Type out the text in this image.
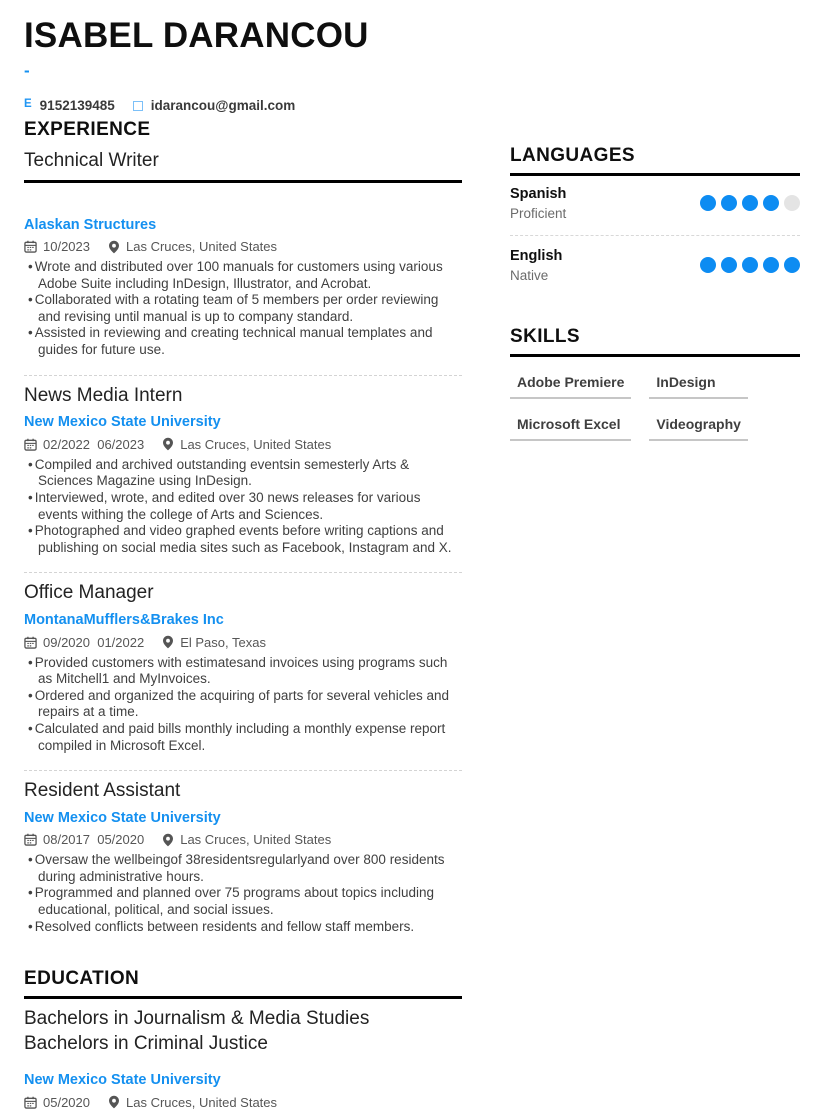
ISABEL DARANCOU
-
E 9152139485	idarancou@gmail.com
EXPERIENCE
Technical Writer
Alaskan Structures
10/2023	Las Cruces, United States
• Wrote and distributed over 100 manuals for customers using various Adobe Suite including InDesign, Illustrator, and Acrobat.
• Collaborated with a rotating team of 5 members per order reviewing and revising until manual is up to company standard.
• Assisted in reviewing and creating technical manual templates and guides for future use.
News Media Intern
New Mexico State University
02/2022  06/2023	Las Cruces, United States
• Compiled and archived outstanding eventsin semesterly Arts & Sciences Magazine using InDesign.
• Interviewed, wrote, and edited over 30 news releases for various events withing the college of Arts and Sciences.
• Photographed and video graphed events before writing captions and publishing on social media sites such as Facebook, Instagram and X.
Office Manager
MontanaMufflers&Brakes Inc
09/2020  01/2022	El Paso, Texas
• Provided customers with estimatesand invoices using programs such as Mitchell1 and MyInvoices.
• Ordered and organized the acquiring of parts for several vehicles and repairs at a time.
• Calculated and paid bills monthly including a monthly expense report compiled in Microsoft Excel.
Resident Assistant
New Mexico State University
08/2017  05/2020	Las Cruces, United States
• Oversaw the wellbeingof 38residentsregularlyand over 800 residents during administrative hours.
• Programmed and planned over 75 programs about topics including educational, political, and social issues.
• Resolved conflicts between residents and fellow staff members.
EDUCATION
Bachelors in Journalism & Media Studies
Bachelors in Criminal Justice
New Mexico State University
05/2020	Las Cruces, United States
LANGUAGES
Spanish
Proficient
English
Native
SKILLS
Adobe Premiere	InDesign
Microsoft Excel	Videography
